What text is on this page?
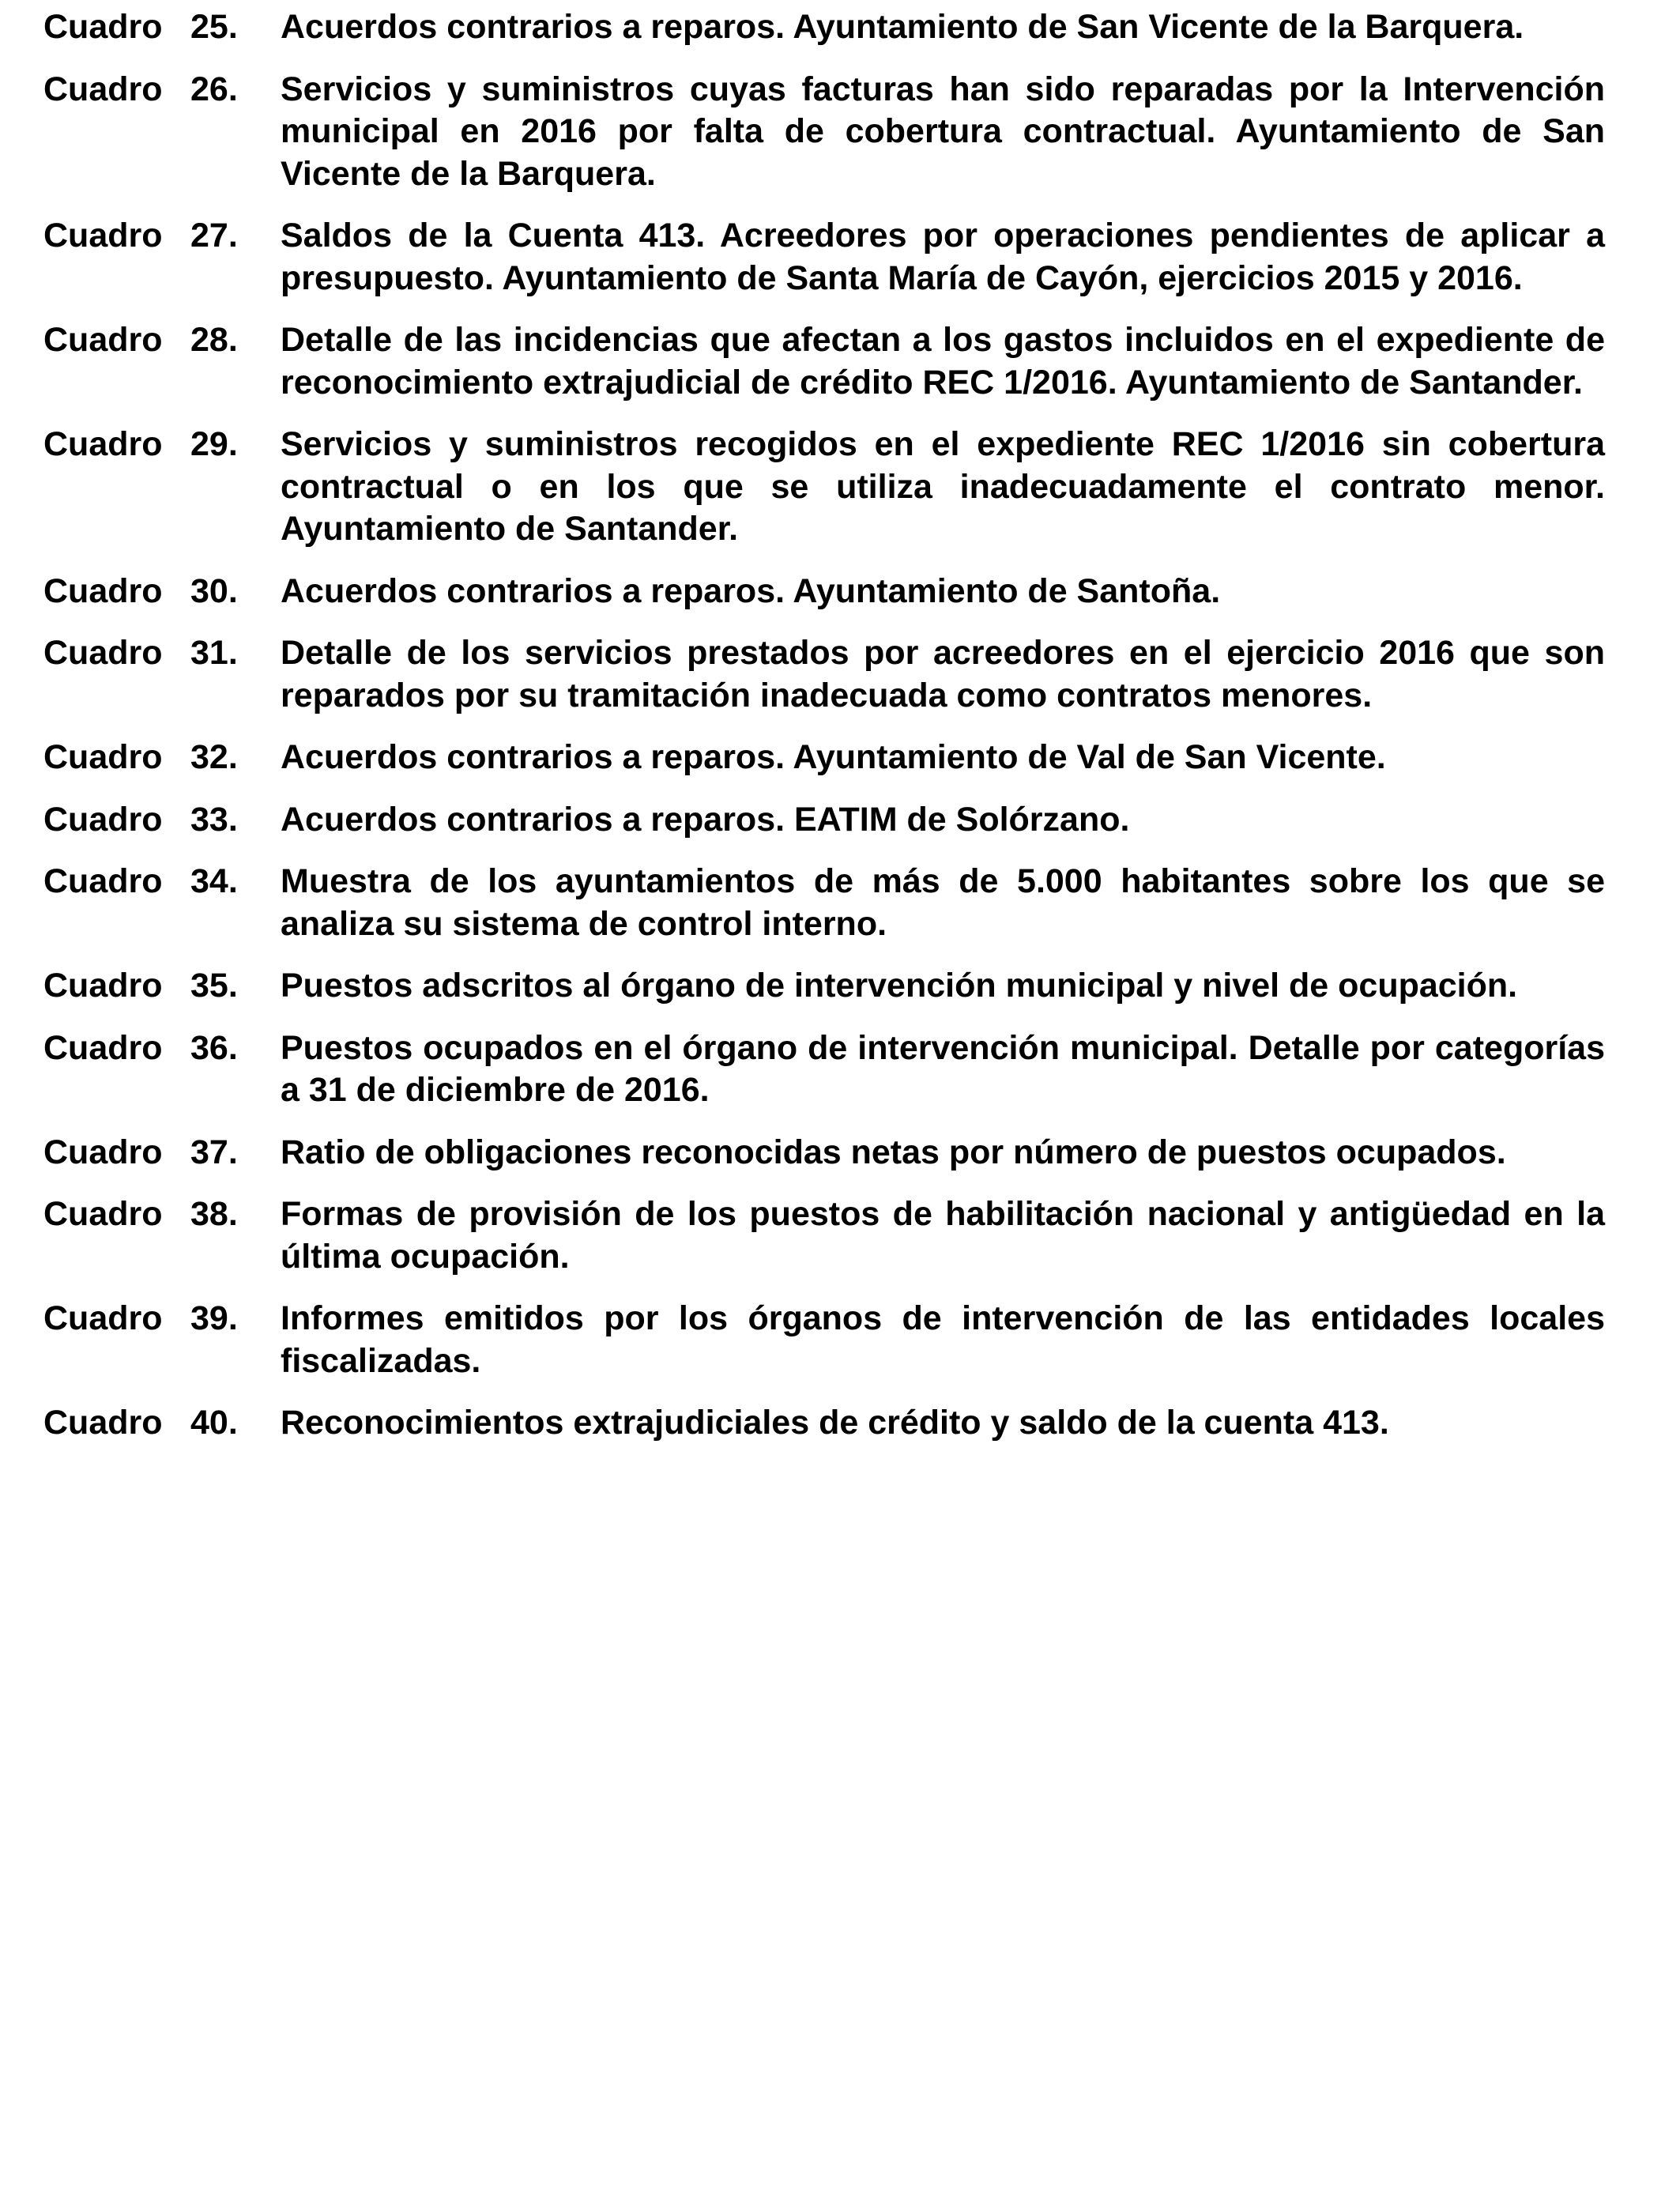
Cuadro 25.	Acuerdos contrarios a reparos. Ayuntamiento de San Vicente de la Barquera.
Cuadro 26.	Servicios y suministros cuyas facturas han sido reparadas por la Intervención municipal en 2016 por falta de cobertura contractual. Ayuntamiento de San Vicente de la Barquera.
Cuadro 27.	Saldos de la Cuenta 413. Acreedores por operaciones pendientes de aplicar a presupuesto. Ayuntamiento de Santa María de Cayón, ejercicios 2015 y 2016.
Cuadro 28.	Detalle de las incidencias que afectan a los gastos incluidos en el expediente de reconocimiento extrajudicial de crédito REC 1/2016. Ayuntamiento de Santander.
Cuadro 29.	Servicios y suministros recogidos en el expediente REC 1/2016 sin cobertura contractual o en los que se utiliza inadecuadamente el contrato menor. Ayuntamiento de Santander.
Cuadro 30.	Acuerdos contrarios a reparos. Ayuntamiento de Santoña.
Cuadro 31.	Detalle de los servicios prestados por acreedores en el ejercicio 2016 que son reparados por su tramitación inadecuada como contratos menores.
Cuadro 32.	Acuerdos contrarios a reparos. Ayuntamiento de Val de San Vicente.
Cuadro 33.	Acuerdos contrarios a reparos. EATIM de Solórzano.
Cuadro 34.	Muestra de los ayuntamientos de más de 5.000 habitantes sobre los que se analiza su sistema de control interno.
Cuadro 35.	Puestos adscritos al órgano de intervención municipal y nivel de ocupación.
Cuadro 36.	Puestos ocupados en el órgano de intervención municipal. Detalle por categorías a 31 de diciembre de 2016.
Cuadro 37.	Ratio de obligaciones reconocidas netas por número de puestos ocupados.
Cuadro 38.	Formas de provisión de los puestos de habilitación nacional y antigüedad en la última ocupación.
Cuadro 39.	Informes emitidos por los órganos de intervención de las entidades locales fiscalizadas.
Cuadro 40.	Reconocimientos extrajudiciales de crédito y saldo de la cuenta 413.
